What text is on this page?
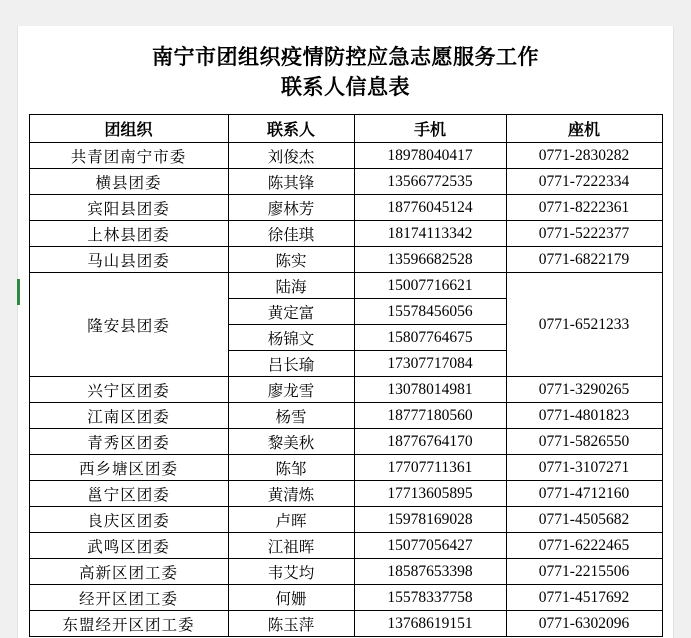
南宁市团组织疫情防控应急志愿服务工作
联系人信息表
团组织	联系人	手机	座机
共青团南宁市委	刘俊杰	18978040417	0771-2830282
横县团委	陈其锋	13566772535	0771-7222334
宾阳县团委	廖林芳	18776045124	0771-8222361
上林县团委	徐佳琪	18174113342	0771-5222377
马山县团委	陈实	13596682528	0771-6822179
隆安县团委	陆海	15007716621	0771-6521233
	黄定富	15578456056	
	杨锦文	15807764675	
	吕长瑜	17307717084	
兴宁区团委	廖龙雪	13078014981	0771-3290265
江南区团委	杨雪	18777180560	0771-4801823
青秀区团委	黎美秋	18776764170	0771-5826550
西乡塘区团委	陈邹	17707711361	0771-3107271
邕宁区团委	黄清炼	17713605895	0771-4712160
良庆区团委	卢晖	15978169028	0771-4505682
武鸣区团委	江祖晖	15077056427	0771-6222465
高新区团工委	韦艾均	18587653398	0771-2215506
经开区团工委	何姗	15578337758	0771-4517692
东盟经开区团工委	陈玉萍	13768619151	0771-6302096
